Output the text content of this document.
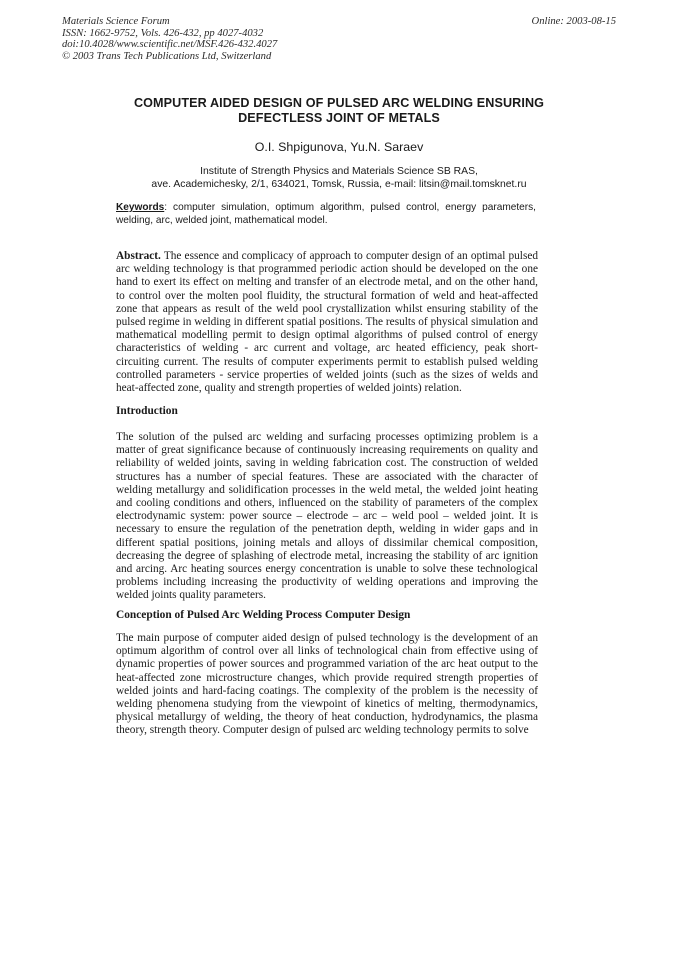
Materials Science Forum
ISSN: 1662-9752, Vols. 426-432, pp 4027-4032
doi:10.4028/www.scientific.net/MSF.426-432.4027
© 2003 Trans Tech Publications Ltd, Switzerland
Online: 2003-08-15
COMPUTER AIDED DESIGN OF PULSED ARC WELDING ENSURING DEFECTLESS JOINT OF METALS
O.I. Shpigunova, Yu.N. Saraev
Institute of Strength Physics and Materials Science SB RAS,
ave. Academichesky, 2/1, 634021, Tomsk, Russia, e-mail: litsin@mail.tomsknet.ru
Keywords: computer simulation, optimum algorithm, pulsed control, energy parameters, welding, arc, welded joint, mathematical model.
Abstract. The essence and complicacy of approach to computer design of an optimal pulsed arc welding technology is that programmed periodic action should be developed on the one hand to exert its effect on melting and transfer of an electrode metal, and on the other hand, to control over the molten pool fluidity, the structural formation of weld and heat-affected zone that appears as result of the weld pool crystallization whilst ensuring stability of the pulsed regime in welding in different spatial positions. The results of physical simulation and mathematical modelling permit to design optimal algorithms of pulsed control of energy characteristics of welding - arc current and voltage, arc heated efficiency, peak short-circuiting current. The results of computer experiments permit to establish pulsed welding controlled parameters - service properties of welded joints (such as the sizes of welds and heat-affected zone, quality and strength properties of welded joints) relation.
Introduction
The solution of the pulsed arc welding and surfacing processes optimizing problem is a matter of great significance because of continuously increasing requirements on quality and reliability of welded joints, saving in welding fabrication cost. The construction of welded structures has a number of special features. These are associated with the character of welding metallurgy and solidification processes in the weld metal, the welded joint heating and cooling conditions and others, influenced on the stability of parameters of the complex electrodynamic system: power source – electrode – arc – weld pool – welded joint. It is necessary to ensure the regulation of the penetration depth, welding in wider gaps and in different spatial positions, joining metals and alloys of dissimilar chemical composition, decreasing the degree of splashing of electrode metal, increasing the stability of arc ignition and arcing. Arc heating sources energy concentration is unable to solve these technological problems including increasing the productivity of welding operations and improving the welded joints quality parameters.
Conception of Pulsed Arc Welding Process Computer Design
The main purpose of computer aided design of pulsed technology is the development of an optimum algorithm of control over all links of technological chain from effective using of dynamic properties of power sources and programmed variation of the arc heat output to the heat-affected zone microstructure changes, which provide required strength properties of welded joints and hard-facing coatings. The complexity of the problem is the necessity of welding phenomena studying from the viewpoint of kinetics of melting, thermodynamics, physical metallurgy of welding, the theory of heat conduction, hydrodynamics, the plasma theory, strength theory. Computer design of pulsed arc welding technology permits to solve
